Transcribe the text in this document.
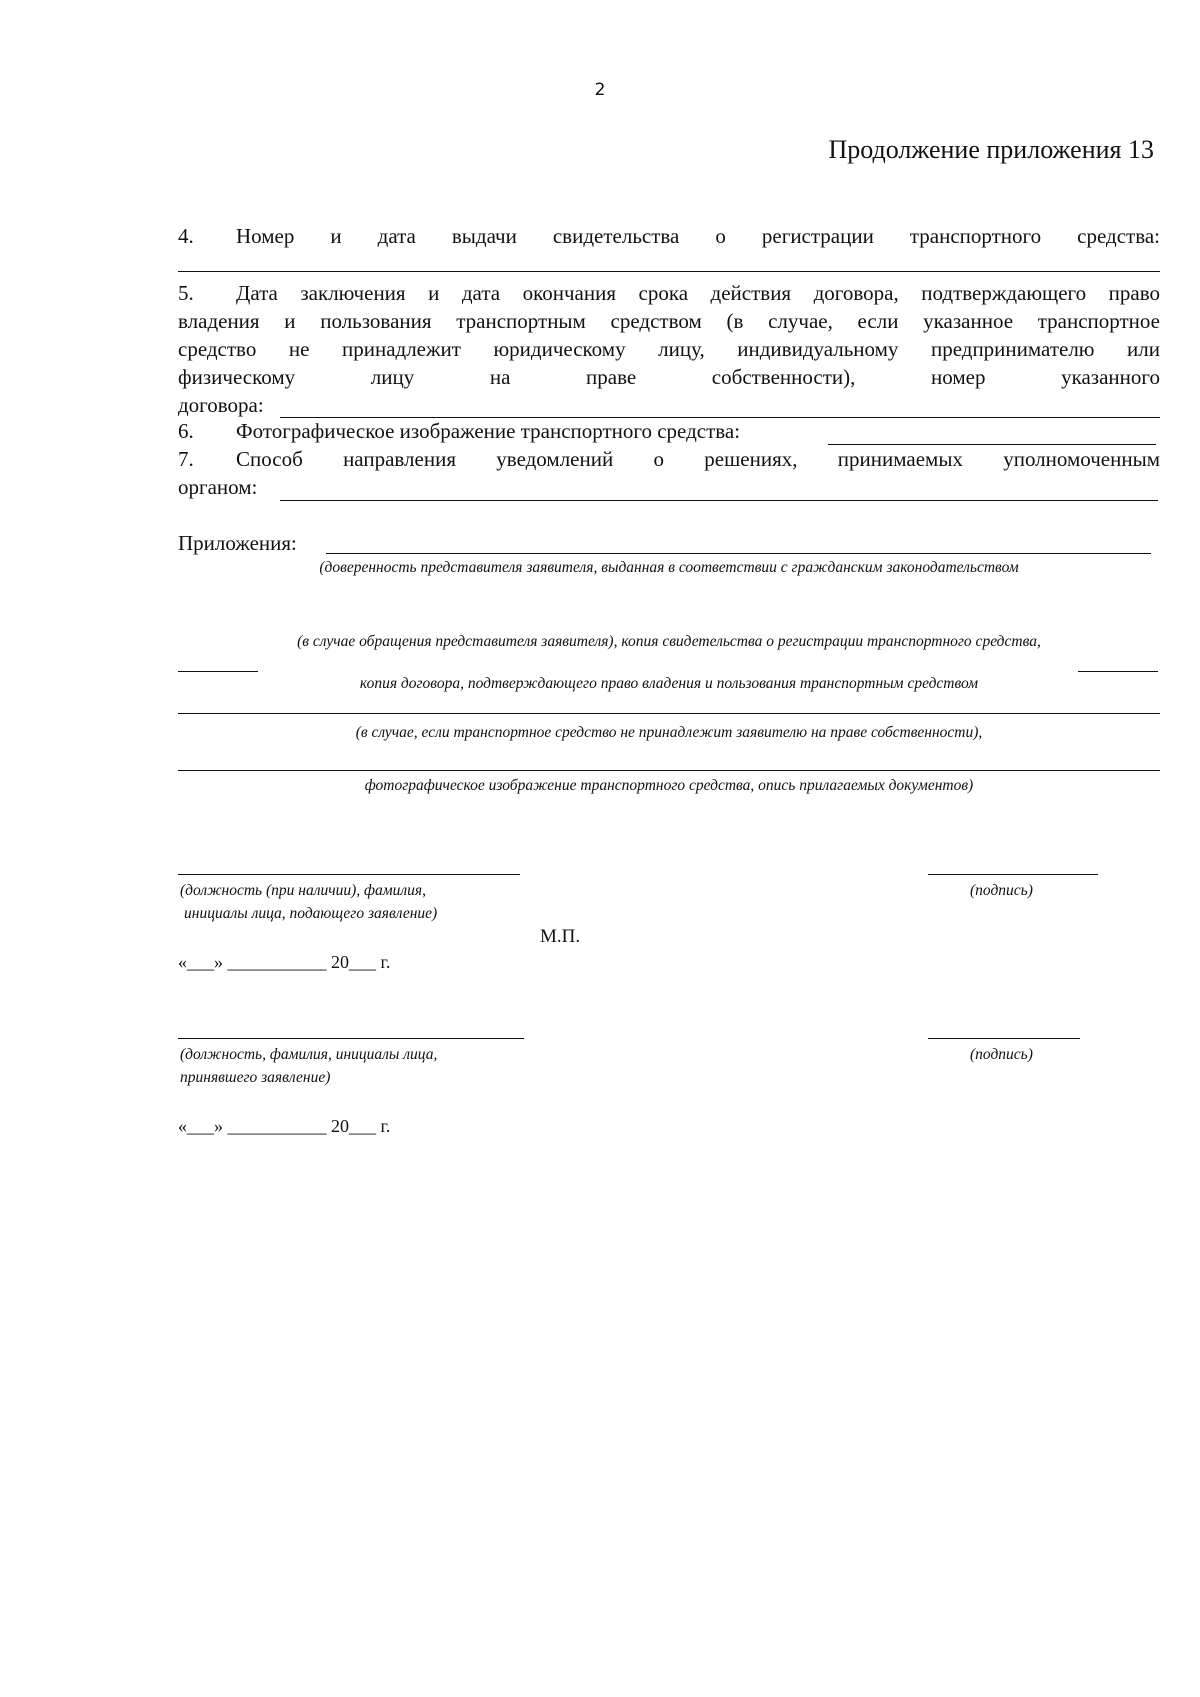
2
Продолжение приложения 13
4. Номер и дата выдачи свидетельства о регистрации транспортного средства:
5. Дата заключения и дата окончания срока действия договора, подтверждающего право
владения и пользования транспортным средством (в случае, если указанное транспортное
средство не принадлежит юридическому лицу, индивидуальному предпринимателю или
физическому лицу на праве собственности), номер указанного
договора:
6. Фотографическое изображение транспортного средства:
7. Способ направления уведомлений о решениях, принимаемых уполномоченным
органом:
Приложения:
(доверенность представителя заявителя, выданная в соответствии с гражданским законодательством
(в случае обращения представителя заявителя), копия свидетельства о регистрации транспортного средства,
копия договора, подтверждающего право владения и пользования транспортным средством
(в случае, если транспортное средство не принадлежит заявителю на праве собственности),
фотографическое изображение транспортного средства, опись прилагаемых документов)
(должность (при наличии), фамилия,
инициалы лица, подающего заявление)
(подпись)
М.П.
«___» ___________ 20___ г.
(должность, фамилия, инициалы лица,
принявшего заявление)
(подпись)
«___» ___________ 20___ г.
